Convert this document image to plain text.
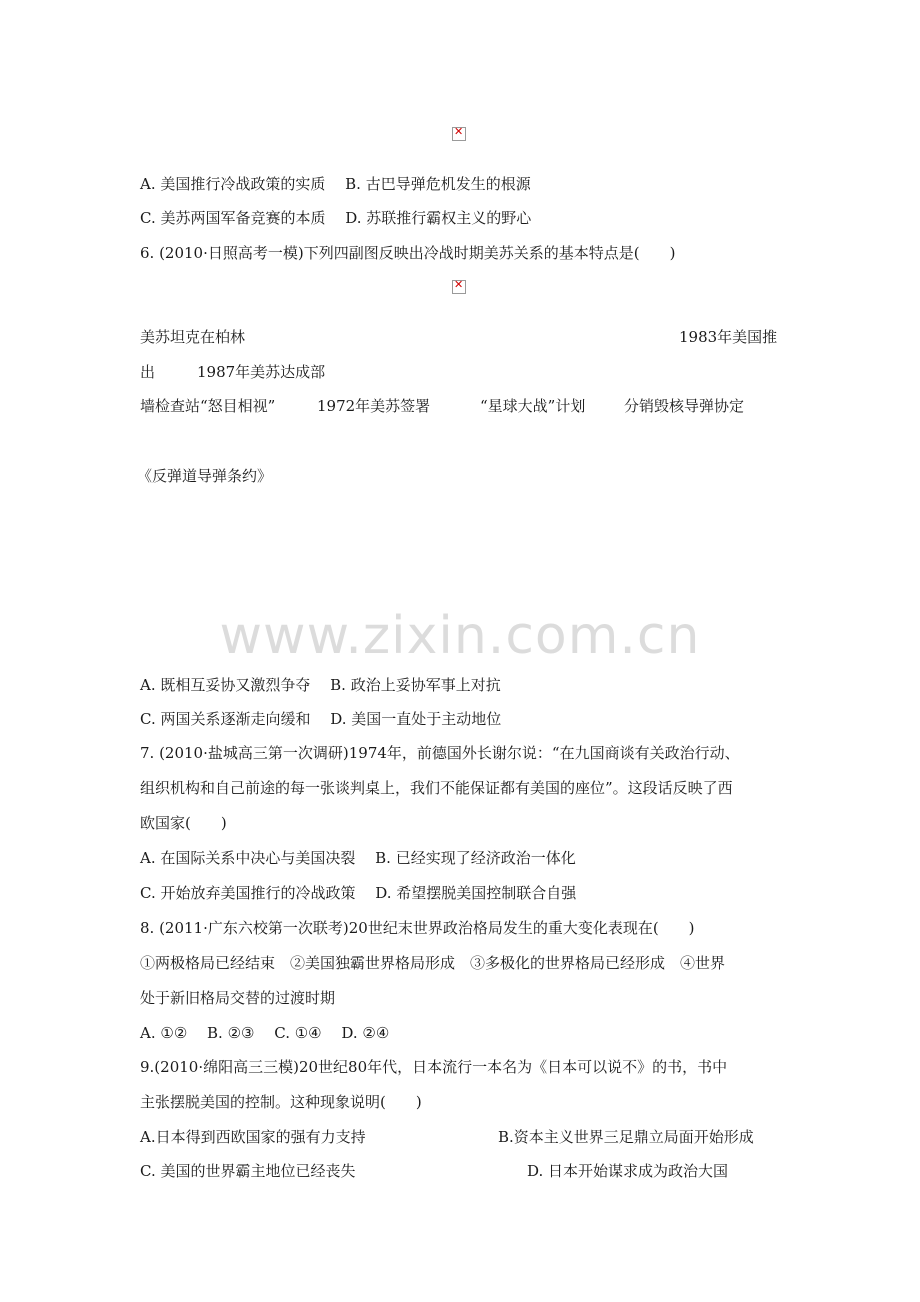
✕
A. 美国推行冷战政策的实质　 B. 古巴导弹危机发生的根源
C. 美苏两国军备竞赛的本质　 D. 苏联推行霸权主义的野心
6. (2010·日照高考一模)下列四副图反映出冷战时期美苏关系的基本特点是(　　)
✕
美苏坦克在柏林	1983年美国推
出	1987年美苏达成部
墙检查站“怒目相视”	1972年美苏签署	“星球大战”计划	分销毁核导弹协定
《反弹道导弹条约》
www.zixin.com.cn
A. 既相互妥协又激烈争夺　 B. 政治上妥协军事上对抗
C. 两国关系逐渐走向缓和　 D. 美国一直处于主动地位
7. (2010·盐城高三第一次调研)1974年，前德国外长谢尔说：“在九国商谈有关政治行动、
组织机构和自己前途的每一张谈判桌上，我们不能保证都有美国的座位”。这段话反映了西
欧国家(　　)
A. 在国际关系中决心与美国决裂　 B. 已经实现了经济政治一体化
C. 开始放弃美国推行的冷战政策　 D. 希望摆脱美国控制联合自强
8. (2011·广东六校第一次联考)20世纪末世界政治格局发生的重大变化表现在(　　)
①两极格局已经结束　②美国独霸世界格局形成　③多极化的世界格局已经形成　④世界
处于新旧格局交替的过渡时期
A. ①②　 B. ②③　 C. ①④　 D. ②④
9.(2010·绵阳高三三模)20世纪80年代，日本流行一本名为《日本可以说不》的书，书中
主张摆脱美国的控制。这种现象说明(　　)
A.日本得到西欧国家的强有力支持	B.资本主义世界三足鼎立局面开始形成
C. 美国的世界霸主地位已经丧失	D. 日本开始谋求成为政治大国
